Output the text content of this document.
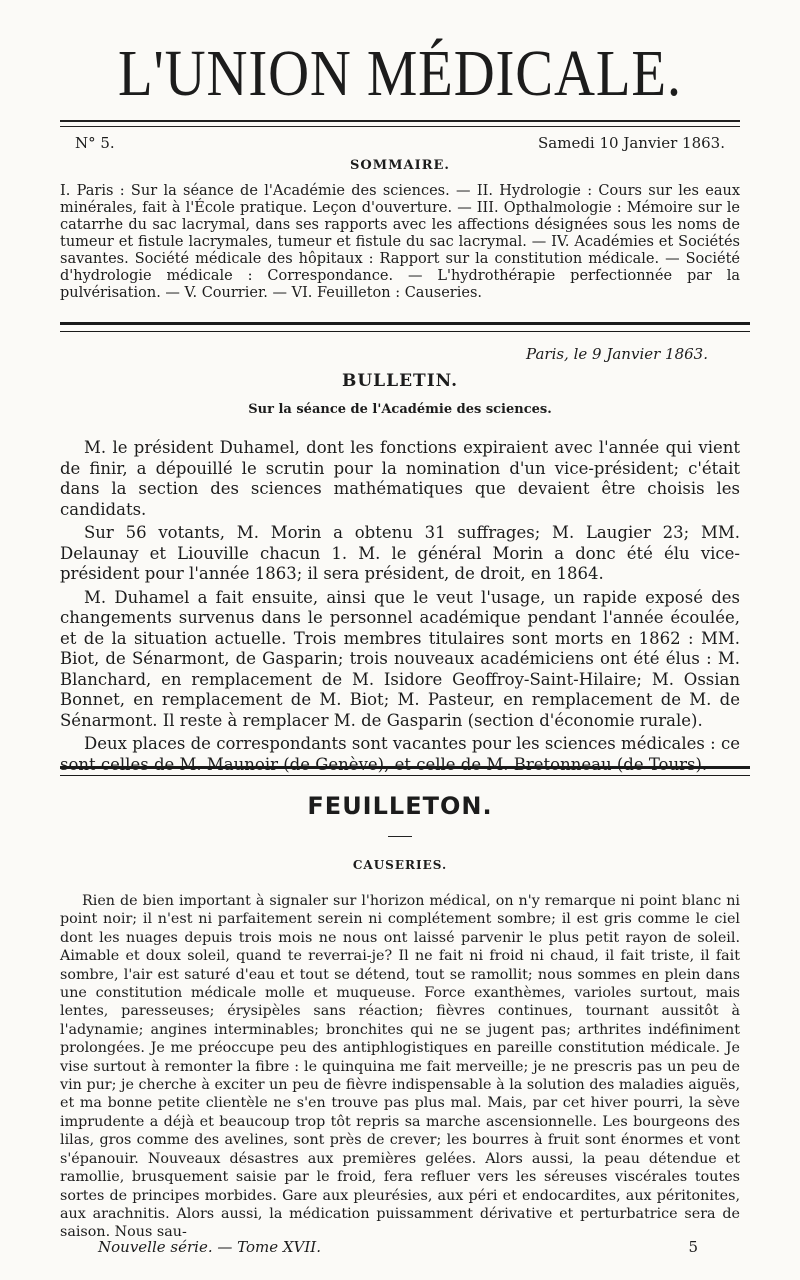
L'UNION MÉDICALE.
N° 5.	Samedi 10 Janvier 1863.
SOMMAIRE.
I. Paris : Sur la séance de l'Académie des sciences. — II. Hydrologie : Cours sur les eaux minérales, fait à l'École pratique. Leçon d'ouverture. — III. Opthalmologie : Mémoire sur le catarrhe du sac lacrymal, dans ses rapports avec les affections désignées sous les noms de tumeur et fistule lacrymales, tumeur et fistule du sac lacrymal. — IV. Académies et Sociétés savantes. Société médicale des hôpitaux : Rapport sur la constitution médicale. — Société d'hydrologie médicale : Correspondance. — L'hydrothérapie perfectionnée par la pulvérisation. — V. Courrier. — VI. Feuilleton : Causeries.
Paris, le 9 Janvier 1863.
BULLETIN.
Sur la séance de l'Académie des sciences.

M. le président Duhamel, dont les fonctions expiraient avec l'année qui vient de finir, a dépouillé le scrutin pour la nomination d'un vice-président; c'était dans la section des sciences mathématiques que devaient être choisis les candidats.

Sur 56 votants, M. Morin a obtenu 31 suffrages; M. Laugier 23; MM. Delaunay et Liouville chacun 1. M. le général Morin a donc été élu vice-président pour l'année 1863; il sera président, de droit, en 1864.

M. Duhamel a fait ensuite, ainsi que le veut l'usage, un rapide exposé des changements survenus dans le personnel académique pendant l'année écoulée, et de la situation actuelle. Trois membres titulaires sont morts en 1862 : MM. Biot, de Sénarmont, de Gasparin; trois nouveaux académiciens ont été élus : M. Blanchard, en remplacement de M. Isidore Geoffroy-Saint-Hilaire; M. Ossian Bonnet, en remplacement de M. Biot; M. Pasteur, en remplacement de M. de Sénarmont. Il reste à remplacer M. de Gasparin (section d'économie rurale).

Deux places de correspondants sont vacantes pour les sciences médicales : ce sont celles de M. Maunoir (de Genève), et celle de M. Bretonneau (de Tours).

FEUILLETON.
CAUSERIES.

Rien de bien important à signaler sur l'horizon médical, on n'y remarque ni point blanc ni point noir; il n'est ni parfaitement serein ni complétement sombre; il est gris comme le ciel dont les nuages depuis trois mois ne nous ont laissé parvenir le plus petit rayon de soleil. Aimable et doux soleil, quand te reverrai-je? Il ne fait ni froid ni chaud, il fait triste, il fait sombre, l'air est saturé d'eau et tout se détend, tout se ramollit; nous sommes en plein dans une constitution médicale molle et muqueuse. Force exanthèmes, varioles surtout, mais lentes, paresseuses; érysipèles sans réaction; fièvres continues, tournant aussitôt à l'adynamie; angines interminables; bronchites qui ne se jugent pas; arthrites indéfiniment prolongées. Je me préoccupe peu des antiphlogistiques en pareille constitution médicale. Je vise surtout à remonter la fibre : le quinquina me fait merveille; je ne prescris pas un peu de vin pur; je cherche à exciter un peu de fièvre indispensable à la solution des maladies aiguës, et ma bonne petite clientèle ne s'en trouve pas plus mal. Mais, par cet hiver pourri, la sève imprudente a déjà et beaucoup trop tôt repris sa marche ascensionnelle. Les bourgeons des lilas, gros comme des avelines, sont près de crever; les bourres à fruit sont énormes et vont s'épanouir. Nouveaux désastres aux premières gelées. Alors aussi, la peau détendue et ramollie, brusquement saisie par le froid, fera refluer vers les séreuses viscérales toutes sortes de principes morbides. Gare aux pleurésies, aux péri et endocardites, aux péritonites, aux arachnitis. Alors aussi, la médication puissamment dérivative et perturbatrice sera de saison. Nous sau-

Nouvelle série. — Tome XVII.	5
